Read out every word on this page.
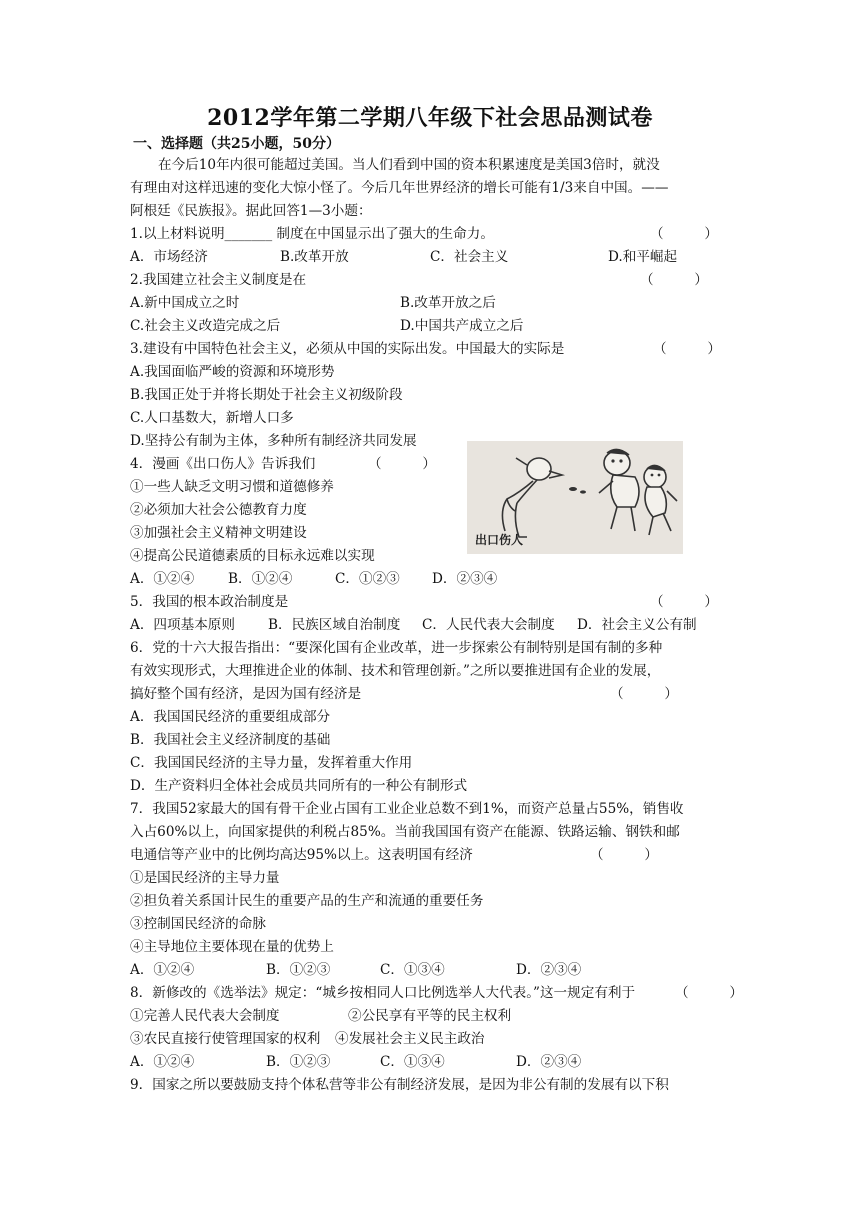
2012学年第二学期八年级下社会思品测试卷
一、选择题（共25小题，50分）
在今后10年内很可能超过美国。当人们看到中国的资本积累速度是美国3倍时，就没
有理由对这样迅速的变化大惊小怪了。今后几年世界经济的增长可能有1/3来自中国。——
阿根廷《民族报》。据此回答1—3小题：
1.以上材料说明_______ 制度在中国显示出了强大的生命力。	（　　　）
A．市场经济	B.改革开放	C．社会主义	D.和平崛起
2.我国建立社会主义制度是在	（　　　）
A.新中国成立之时	B.改革开放之后
C.社会主义改造完成之后	D.中国共产成立之后
3.建设有中国特色社会主义，必须从中国的实际出发。中国最大的实际是	（　　　）
A.我国面临严峻的资源和环境形势
B.我国正处于并将长期处于社会主义初级阶段
C.人口基数大，新增人口多
D.坚持公有制为主体，多种所有制经济共同发展
4．漫画《出口伤人》告诉我们	（　　　）
①一些人缺乏文明习惯和道德修养
②必须加大社会公德教育力度
③加强社会主义精神文明建设
④提高公民道德素质的目标永远难以实现
A．①②④ B．①②④	C．①②③ D．②③④
5．我国的根本政治制度是	（　　　）
A．四项基本原则 B．民族区域自治制度 C．人民代表大会制度 D．社会主义公有制
6．党的十六大报告指出：“要深化国有企业改革，进一步探索公有制特别是国有制的多种
有效实现形式，大理推进企业的体制、技术和管理创新。”之所以要推进国有企业的发展，
搞好整个国有经济，是因为国有经济是	（　　　）
A．我国国民经济的重要组成部分
B．我国社会主义经济制度的基础
C．我国国民经济的主导力量，发挥着重大作用
D．生产资料归全体社会成员共同所有的一种公有制形式
7．我国52家最大的国有骨干企业占国有工业企业总数不到1%，而资产总量占55%，销售收
入占60%以上，向国家提供的利税占85%。当前我国国有资产在能源、铁路运输、钢铁和邮
电通信等产业中的比例均高达95%以上。这表明国有经济	（　　　）
①是国民经济的主导力量
②担负着关系国计民生的重要产品的生产和流通的重要任务
③控制国民经济的命脉
④主导地位主要体现在量的优势上
A．①②④	B．①②③	C．①③④	D．②③④
8．新修改的《选举法》规定：“城乡按相同人口比例选举人大代表。”这一规定有利于	（　　　）
①完善人民代表大会制度	②公民享有平等的民主权利
③农民直接行使管理国家的权利 ④发展社会主义民主政治
A．①②④	B．①②③	C．①③④	D．②③④
9．国家之所以要鼓励支持个体私营等非公有制经济发展，是因为非公有制的发展有以下积
出口伤人
